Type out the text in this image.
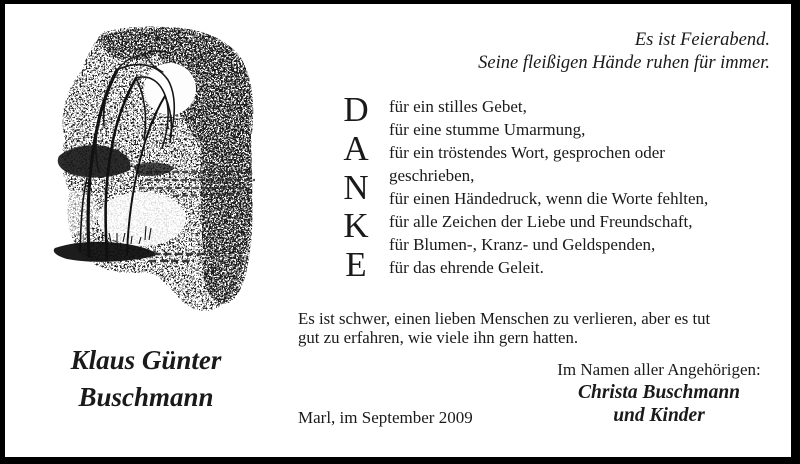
Es ist Feierabend.
Seine fleißigen Hände ruhen für immer.
D
A
N
K
E
für ein stilles Gebet,
für eine stumme Umarmung,
für ein tröstendes Wort, gesprochen oder
geschrieben,
für einen Händedruck, wenn die Worte fehlten,
für alle Zeichen der Liebe und Freundschaft,
für Blumen-, Kranz- und Geldspenden,
für das ehrende Geleit.
Es ist schwer, einen lieben Menschen zu verlieren, aber es tut
gut zu erfahren, wie viele ihn gern hatten.
Klaus Günter
Buschmann
Im Namen aller Angehörigen:
Christa Buschmann
und Kinder
Marl, im September 2009
